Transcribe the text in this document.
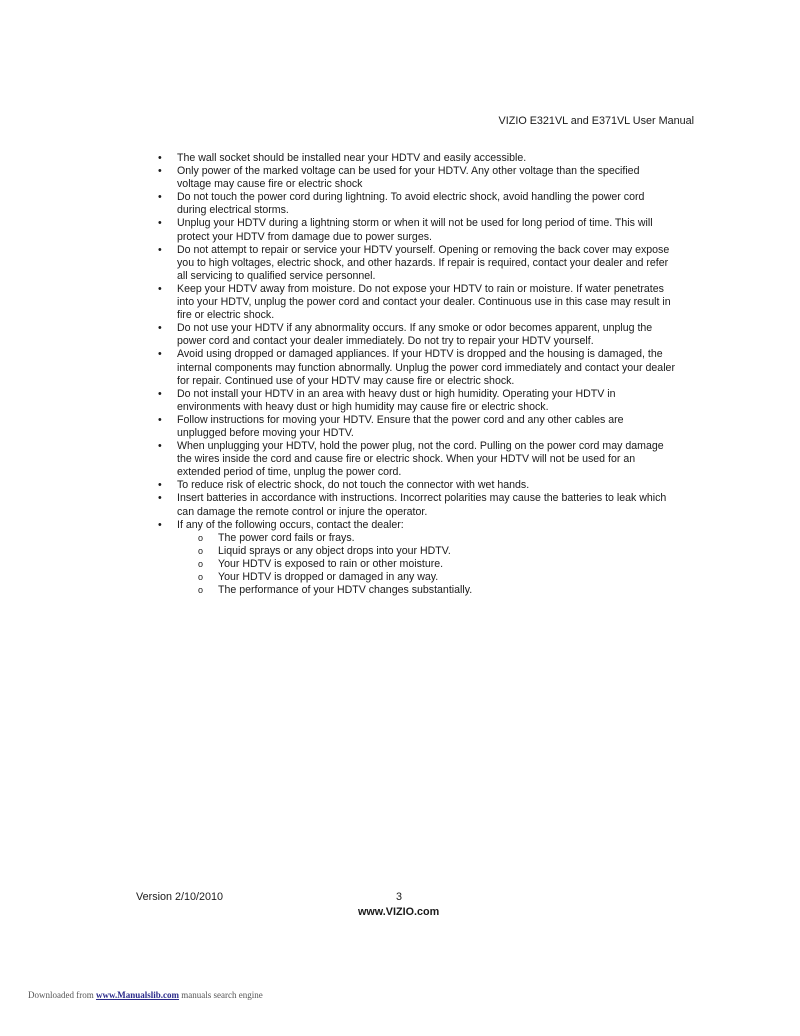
VIZIO E321VL and E371VL User Manual
• The wall socket should be installed near your HDTV and easily accessible.
• Only power of the marked voltage can be used for your HDTV. Any other voltage than the specified voltage may cause fire or electric shock
• Do not touch the power cord during lightning. To avoid electric shock, avoid handling the power cord during electrical storms.
• Unplug your HDTV during a lightning storm or when it will not be used for long period of time. This will protect your HDTV from damage due to power surges.
• Do not attempt to repair or service your HDTV yourself. Opening or removing the back cover may expose you to high voltages, electric shock, and other hazards. If repair is required, contact your dealer and refer all servicing to qualified service personnel.
• Keep your HDTV away from moisture. Do not expose your HDTV to rain or moisture. If water penetrates into your HDTV, unplug the power cord and contact your dealer. Continuous use in this case may result in fire or electric shock.
• Do not use your HDTV if any abnormality occurs. If any smoke or odor becomes apparent, unplug the power cord and contact your dealer immediately. Do not try to repair your HDTV yourself.
• Avoid using dropped or damaged appliances. If your HDTV is dropped and the housing is damaged, the internal components may function abnormally. Unplug the power cord immediately and contact your dealer for repair. Continued use of your HDTV may cause fire or electric shock.
• Do not install your HDTV in an area with heavy dust or high humidity. Operating your HDTV in environments with heavy dust or high humidity may cause fire or electric shock.
• Follow instructions for moving your HDTV. Ensure that the power cord and any other cables are unplugged before moving your HDTV.
• When unplugging your HDTV, hold the power plug, not the cord. Pulling on the power cord may damage the wires inside the cord and cause fire or electric shock. When your HDTV will not be used for an extended period of time, unplug the power cord.
• To reduce risk of electric shock, do not touch the connector with wet hands.
• Insert batteries in accordance with instructions. Incorrect polarities may cause the batteries to leak which can damage the remote control or injure the operator.
• If any of the following occurs, contact the dealer:
o The power cord fails or frays.
o Liquid sprays or any object drops into your HDTV.
o Your HDTV is exposed to rain or other moisture.
o Your HDTV is dropped or damaged in any way.
o The performance of your HDTV changes substantially.
Version 2/10/2010	3
www.VIZIO.com
Downloaded from www.Manualslib.com manuals search engine
